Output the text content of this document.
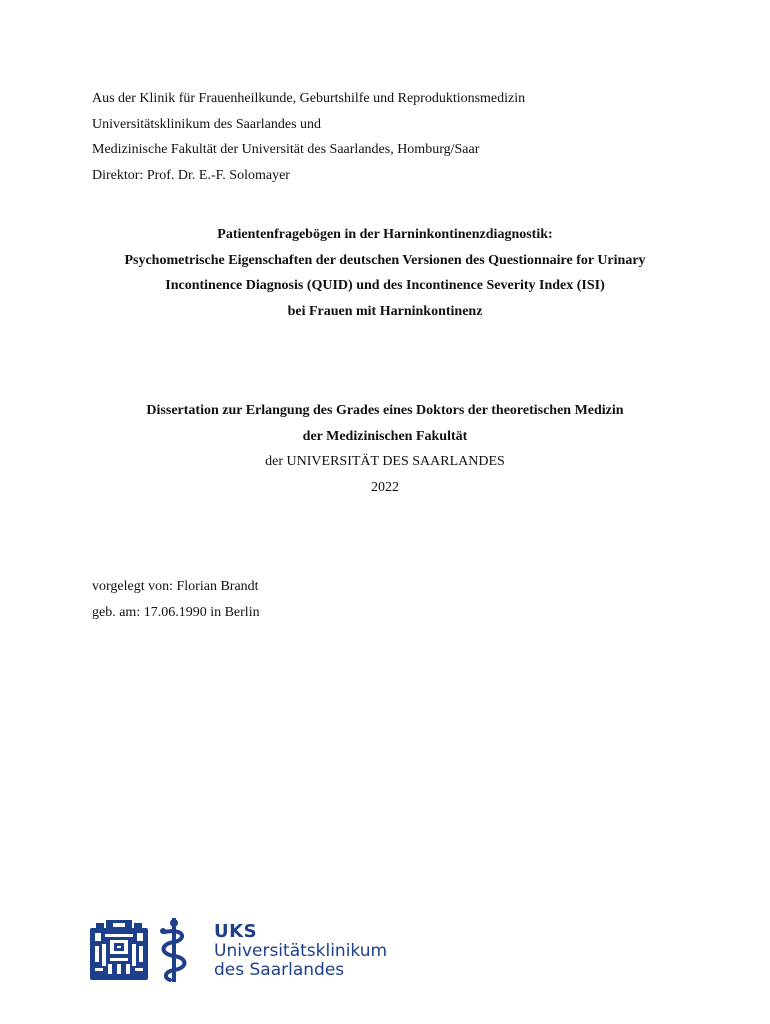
Aus der Klinik für Frauenheilkunde, Geburtshilfe und Reproduktionsmedizin
Universitätsklinikum des Saarlandes und
Medizinische Fakultät der Universität des Saarlandes, Homburg/Saar
Direktor: Prof. Dr. E.-F. Solomayer
Patientenfragebögen in der Harninkontinenzdiagnostik:
Psychometrische Eigenschaften der deutschen Versionen des Questionnaire for Urinary
Incontinence Diagnosis (QUID) und des Incontinence Severity Index (ISI)
bei Frauen mit Harninkontinenz
Dissertation zur Erlangung des Grades eines Doktors der theoretischen Medizin
der Medizinischen Fakultät
der UNIVERSITÄT DES SAARLANDES
2022
vorgelegt von: Florian Brandt
geb. am: 17.06.1990 in Berlin
UKS
Universitätsklinikum
des Saarlandes
